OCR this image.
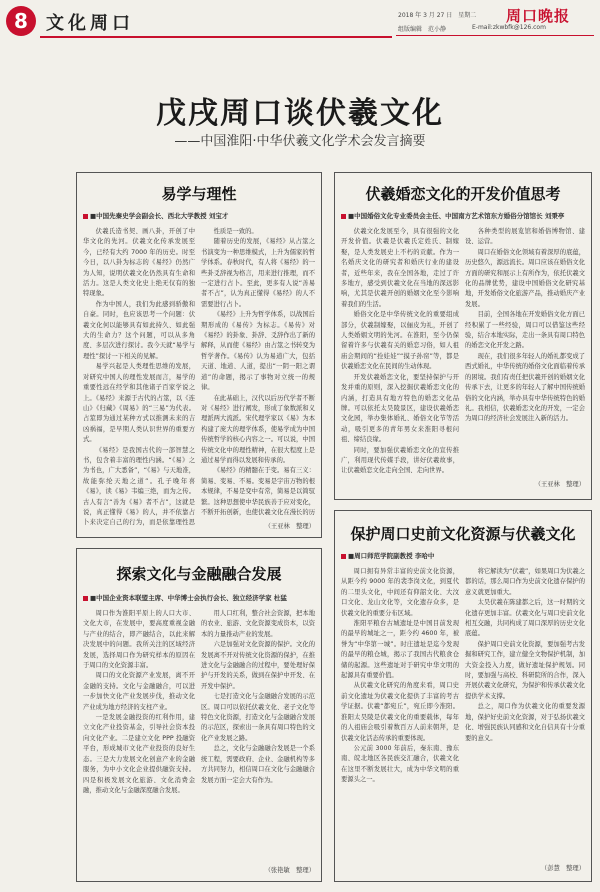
8	文化周口	2018 年 3 月 27 日　星期二 周口晚报
组版编辑　范小静	E-mail:zkwbfk@126.com
戊戌周口谈伏羲文化
——中国淮阳·中华伏羲文化学术会发言摘要
易学与理性
■中国先秦史学会副会长、西北大学教授 刘宝才

伏羲氏造书契、画八卦，开创了中华文化的先河。伏羲文化传承发展至今，已经有大约 7000 年的历史。时至今日，以八卦为标志的《易经》仍然广为人知，说明伏羲文化仍然具有生命和活力。这是人类文化史上绝无仅有的独特现象。

作为中国人，我们为此感到骄傲和自豪。同时，也应该思考一个问题：伏羲文化何以能够具有如此持久、如此强大的生命力？这个问题，可以从多角度、多层次进行探讨。我今天就“易学与理性”探讨一下相关的见解。

易学兴起是人类理性思维的发展，对研究中国人的理性发展而言，易学的重要性远在经学和其他诸子百家学说之上。《易经》来源于古代的占筮，以《连山》《归藏》《周易》的“三易”为代表。占筮即为通过某种方式以推测未来的吉凶祸福，是早期人类认识世界的重要方式。

《易经》是我国古代的一部智慧之书，包含着丰富的理性内涵。“《易》之为书也，广大悉备”，“《易》与天地准，故能弥纶天地之道”。孔子晚年喜《易》，读《易》韦编三绝，而为之传。古人有言“善为《易》者不占”，这就是说，真正懂得《易》的人，并不依靠占卜来决定自己的行为，而是依靠理性思

性质是一致的。

随着历史的发展，《易经》从占筮之书演变为一种思维模式，上升为儒家的哲学体系。春秋时代，有人将《易经》的一些卦爻辞视为格言，用来进行推理，而不一定进行占卜。至此，更多有人说“善易者不占”，认为真正懂得《易经》的人不需要进行占卜。

《易经》上升为哲学体系，以战国后期形成的《易传》为标志。《易传》对《易经》的卦象、卦辞、爻辞作出了新的解释，从而使《易经》由占筮之书转变为哲学著作。《易传》认为易道广大，包括天道、地道、人道，提出“一阴一阳之谓道”的命题，揭示了事物对立统一的规律。

在此基础上，汉代以后历代学者不断对《易经》进行阐发，形成了象数派和义理派两大流派。宋代理学家以《易》为本构建了庞大的理学体系，使易学成为中国传统哲学的核心内容之一。可以说，中国传统文化中的理性精神，在很大程度上是通过易学而得以发展和传承的。

《易经》的精髓在于变。易有三义：简易、变易、不易。变易是宇宙万物的根本规律，不易是变中有常，简易是以简驭繁。这种思想使中华民族善于应对变化，不断开拓创新，也使伏羲文化在漫长的历

（王亚林　整理）
伏羲婚恋文化的开发价值思考
■中国婚俗文化专业委员会主任、中国南方艺术馆东方婚俗分馆馆长 刘秉亭

伏羲文化发展至今，具有很强的文化开发价值。伏羲是伏羲氏定姓氏、制嫁娶，是人类发展史上不朽的贡献。作为一名婚庆文化的研究者和婚庆行业的建设者，近些年来，我在全国各地，走过了许多地方，感受到伏羲文化在当地的深远影响，尤其是伏羲开创的婚姻文化至今影响着我们的生活。

婚俗文化是中华传统文化的重要组成部分，伏羲制嫁娶，以俪皮为礼，开创了人类婚姻文明的先河。在淮阳，至今仍保留着许多与伏羲有关的婚恋习俗，如人祖庙会期间的“拴娃娃”“摸子孙窑”等，都是伏羲婚恋文化在民间的生动体现。

开发伏羲婚恋文化，要坚持保护与开发并重的原则，深入挖掘伏羲婚恋文化的内涵，打造具有地方特色的婚恋文化品牌。可以依托太昊陵景区，建设伏羲婚恋文化园，举办集体婚礼、婚俗文化节等活动，吸引更多的青年男女来淮阳寻根问祖、缔结良缘。

同时，要加强伏羲婚恋文化的宣传推广，利用现代传媒手段，讲好伏羲故事，让伏羲婚恋文化走向全国、走向世界。

各种类型的展览馆和婚俗博物馆、建设、运营。

周口在婚俗文化领域有着深厚的底蕴，历史悠久，源远流长。周口应该在婚俗文化方面的研究和展示上有所作为，依托伏羲文化的品牌优势，建设中国婚俗文化研究基地，开发婚俗文化旅游产品，推动婚庆产业发展。

目前，全国各地在开发婚俗文化方面已经积累了一些经验，周口可以借鉴这些经验，结合本地实际，走出一条具有周口特色的婚恋文化开发之路。

现在，我们很多年轻人的婚礼都变成了西式婚礼，中华传统的婚俗文化面临着传承的困境。我们有责任把伏羲开创的婚姻文化传承下去，让更多的年轻人了解中国传统婚俗的文化内涵，举办具有中华传统特色的婚礼。我相信，伏羲婚恋文化的开发，一定会为周口的经济社会发展注入新的活力。

（王亚林　整理）
保护周口史前文化资源与伏羲文化
■周口师范学院副教授 李哈中

周口拥有异常丰富的史前文化资源，从距今约 9000 年的裴李岗文化，到夏代的二里头文化，中间还有仰韶文化、大汶口文化、龙山文化等，文化遗存众多，是伏羲文化的重要分布区域。

淮阳平粮台古城遗址是中国目前发现的最早的城址之一，距今约 4600 年，被誉为“中华第一城”。时庄遗址是迄今发现的最早的粮仓城，揭示了我国古代粮食仓储的起源。这些遗址对于研究中华文明的起源具有重要价值。

从伏羲文化研究的角度来看，周口史前文化遗址为伏羲文化提供了丰富的考古学证据。伏羲“都宛丘”，宛丘即今淮阳。淮阳太昊陵是伏羲文化的重要载体，每年的人祖庙会吸引着数百万人前来朝拜，是伏羲文化活态传承的重要体现。

公元前 3000 年前后，秦东南、豫东南、皖北地区各民族交汇融合，伏羲文化在这里不断发展壮大，成为中华文明的重要源头之一。

将它解读为“伏羲”，如果周口为伏羲之都的话，那么周口作为史前文化遗存保护的意义就更加重大。

太昊伏羲在陈建都之后，这一时期的文化遗存更加丰富。伏羲文化与周口史前文化相互交融，共同构成了周口深厚的历史文化底蕴。

保护周口史前文化资源，要加强考古发掘和研究工作，建立健全文物保护机制，加大资金投入力度，做好遗址保护规划。同时，要加强与高校、科研院所的合作，深入开展伏羲文化研究，为保护和传承伏羲文化提供学术支撑。

总之，周口作为伏羲文化的重要发源地，保护好史前文化资源，对于弘扬伏羲文化、增强民族认同感和文化自信具有十分重要的意义。

（彭慧　整理）
探索文化与金融融合发展
■中国企业资本联盟主席、中华博士会执行会长、独立经济学家 杜猛

周口作为淮阳平原上的人口大市、文化大市，在发展中，要高度重视金融与产业的结合，即产融结合，以此来解决发展中的问题。我所关注的区域经济发展，选择周口作为研究样本的原因在于周口的文化资源丰富。

周口的文化资源产业发展，离不开金融的支持。文化与金融融合，可以进一步加快文化产业发展步伐，推动文化产业成为地方经济的支柱产业。

一是发展金融投资的红利作用，建立文化产业投资基金，引导社会资本投向文化产业。二是建立文化 PPP 投融资平台，形成城市文化产业投资的良好生态。三是大力发展文化创意产业的金融服务，为中小文化企业提供融资支持。四是积极发展文化旅游、文化消费金融，推动文化与金融深度融合发展。

用人口红利，整合社会资源，把本地的农业、旅游、文化资源变成资本，以资本的力量推动产业的发展。

六是加强对文化资源的保护。文化的发展离不开对传统文化资源的保护，在推进文化与金融融合的过程中，要处理好保护与开发的关系，做到在保护中开发、在开发中保护。

七是打造文化与金融融合发展的示范区。周口可以依托伏羲文化、老子文化等特色文化资源，打造文化与金融融合发展的示范区，探索出一条具有周口特色的文化产业发展之路。

总之，文化与金融融合发展是一个系统工程，需要政府、企业、金融机构等多方共同努力，相信周口在文化与金融融合发展方面一定会大有作为。

（张艳敏　整理）
